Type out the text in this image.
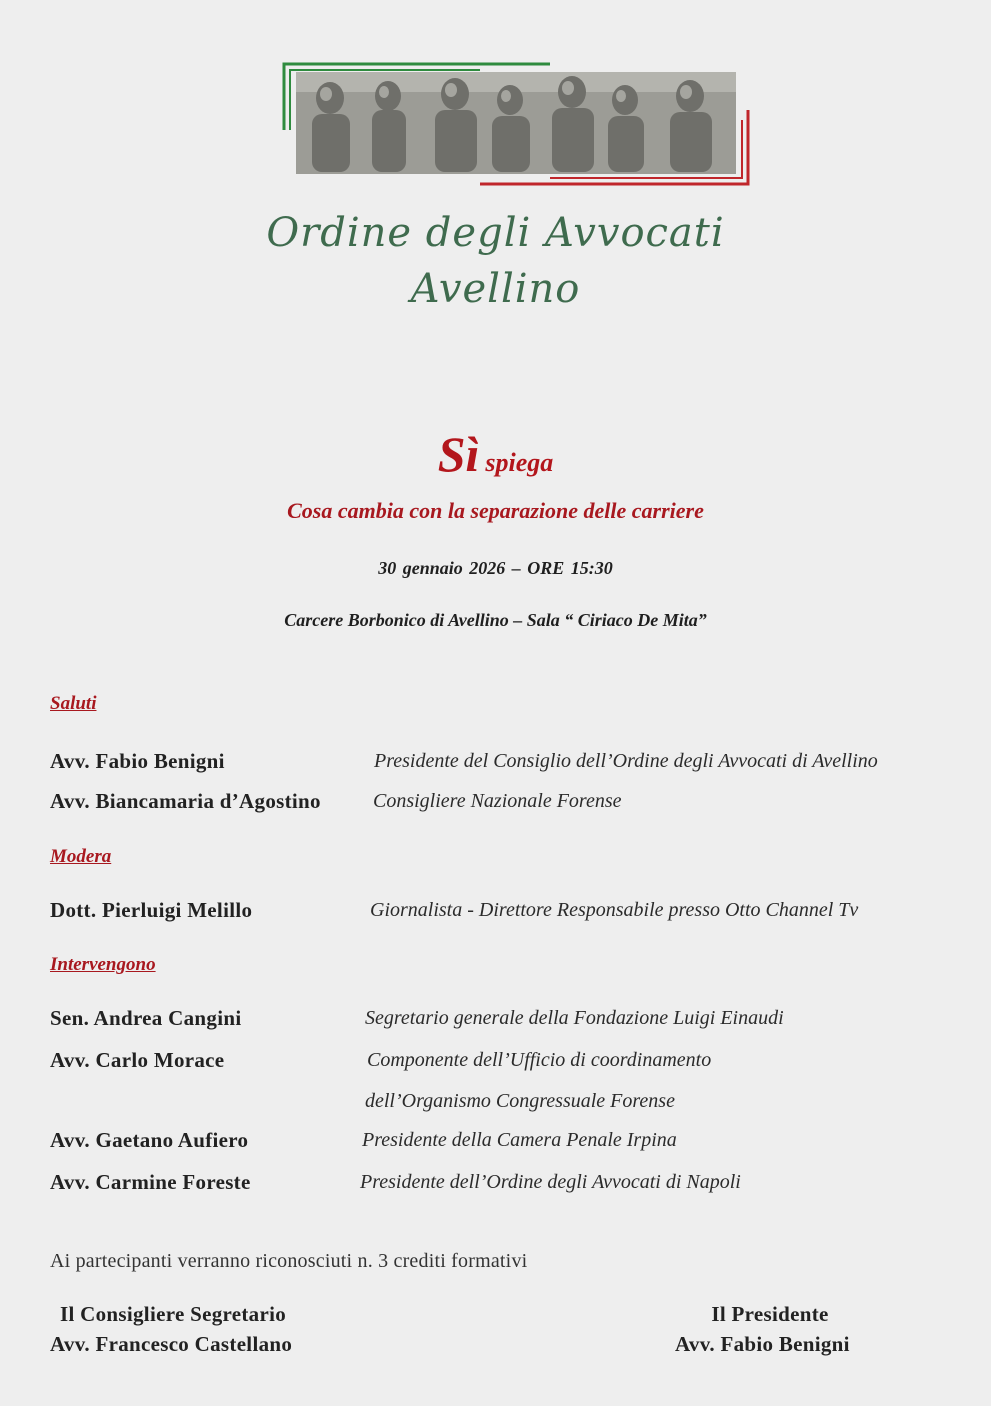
Ordine degli Avvocati
Avellino
Sì spiega
Cosa cambia con la separazione delle carriere
30 gennaio 2026 – ORE 15:30
Carcere Borbonico di Avellino – Sala “ Ciriaco De Mita”
Saluti
Avv. Fabio Benigni	Presidente del Consiglio dell’Ordine degli Avvocati di Avellino
Avv. Biancamaria d’Agostino	Consigliere Nazionale Forense
Modera
Dott. Pierluigi Melillo	Giornalista - Direttore Responsabile presso Otto Channel Tv
Intervengono
Sen. Andrea Cangini	Segretario generale della Fondazione Luigi Einaudi
Avv. Carlo Morace	Componente dell’Ufficio di coordinamento
dell’Organismo Congressuale Forense
Avv. Gaetano Aufiero	Presidente della Camera Penale Irpina
Avv. Carmine Foreste	Presidente dell’Ordine degli Avvocati di Napoli
Ai partecipanti verranno riconosciuti n. 3 crediti formativi
Il Consigliere Segretario
Avv. Francesco Castellano
Il Presidente
Avv. Fabio Benigni
